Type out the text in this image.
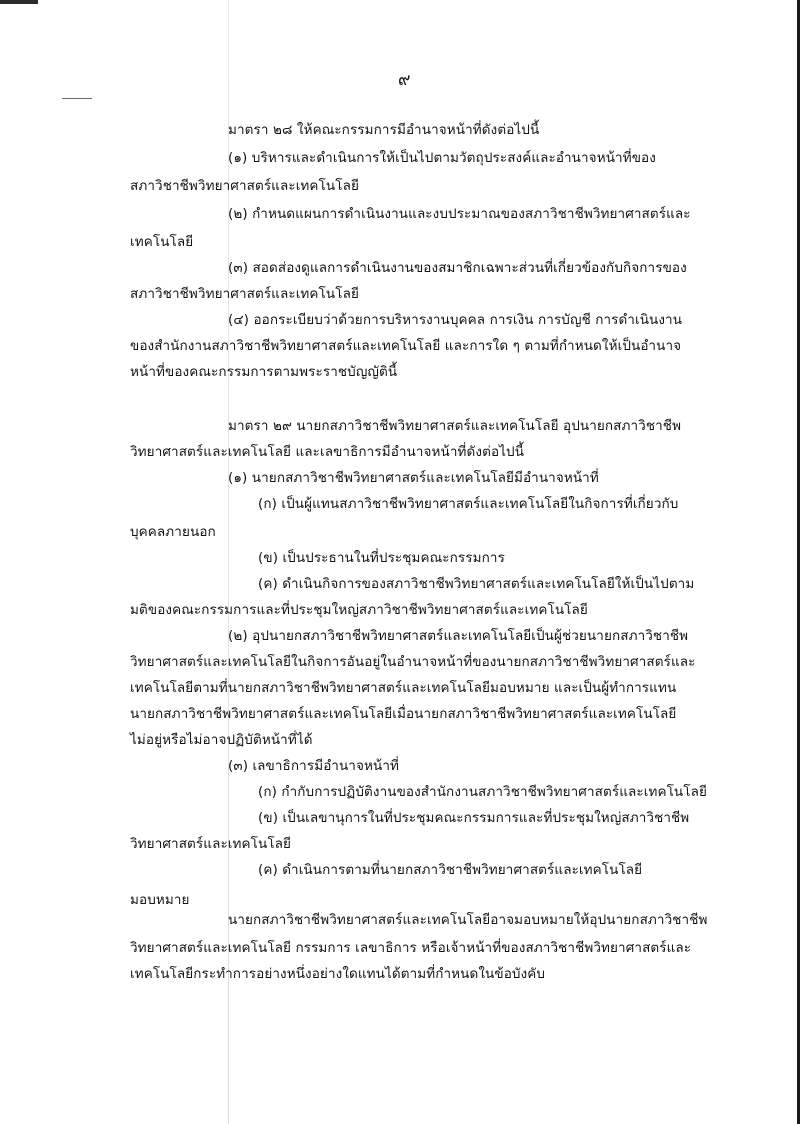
๙
มาตรา ๒๘ ให้คณะกรรมการมีอำนาจหน้าที่ดังต่อไปนี้
(๑) บริหารและดำเนินการให้เป็นไปตามวัตถุประสงค์และอำนาจหน้าที่ของ
สภาวิชาชีพวิทยาศาสตร์และเทคโนโลยี
(๒) กำหนดแผนการดำเนินงานและงบประมาณของสภาวิชาชีพวิทยาศาสตร์และ
เทคโนโลยี
(๓) สอดส่องดูแลการดำเนินงานของสมาชิกเฉพาะส่วนที่เกี่ยวข้องกับกิจการของ
สภาวิชาชีพวิทยาศาสตร์และเทคโนโลยี
(๔) ออกระเบียบว่าด้วยการบริหารงานบุคคล การเงิน การบัญชี การดำเนินงาน
ของสำนักงานสภาวิชาชีพวิทยาศาสตร์และเทคโนโลยี และการใด ๆ ตามที่กำหนดให้เป็นอำนาจ
หน้าที่ของคณะกรรมการตามพระราชบัญญัตินี้
มาตรา ๒๙ นายกสภาวิชาชีพวิทยาศาสตร์และเทคโนโลยี อุปนายกสภาวิชาชีพ
วิทยาศาสตร์และเทคโนโลยี และเลขาธิการมีอำนาจหน้าที่ดังต่อไปนี้
(๑) นายกสภาวิชาชีพวิทยาศาสตร์และเทคโนโลยีมีอำนาจหน้าที่
(ก) เป็นผู้แทนสภาวิชาชีพวิทยาศาสตร์และเทคโนโลยีในกิจการที่เกี่ยวกับ
บุคคลภายนอก
(ข) เป็นประธานในที่ประชุมคณะกรรมการ
(ค) ดำเนินกิจการของสภาวิชาชีพวิทยาศาสตร์และเทคโนโลยีให้เป็นไปตาม
มติของคณะกรรมการและที่ประชุมใหญ่สภาวิชาชีพวิทยาศาสตร์และเทคโนโลยี
(๒) อุปนายกสภาวิชาชีพวิทยาศาสตร์และเทคโนโลยีเป็นผู้ช่วยนายกสภาวิชาชีพ
วิทยาศาสตร์และเทคโนโลยีในกิจการอันอยู่ในอำนาจหน้าที่ของนายกสภาวิชาชีพวิทยาศาสตร์และ
เทคโนโลยีตามที่นายกสภาวิชาชีพวิทยาศาสตร์และเทคโนโลยีมอบหมาย และเป็นผู้ทำการแทน
นายกสภาวิชาชีพวิทยาศาสตร์และเทคโนโลยีเมื่อนายกสภาวิชาชีพวิทยาศาสตร์และเทคโนโลยี
ไม่อยู่หรือไม่อาจปฏิบัติหน้าที่ได้
(๓) เลขาธิการมีอำนาจหน้าที่
(ก) กำกับการปฏิบัติงานของสำนักงานสภาวิชาชีพวิทยาศาสตร์และเทคโนโลยี
(ข) เป็นเลขานุการในที่ประชุมคณะกรรมการและที่ประชุมใหญ่สภาวิชาชีพ
วิทยาศาสตร์และเทคโนโลยี
(ค) ดำเนินการตามที่นายกสภาวิชาชีพวิทยาศาสตร์และเทคโนโลยี
มอบหมาย
นายกสภาวิชาชีพวิทยาศาสตร์และเทคโนโลยีอาจมอบหมายให้อุปนายกสภาวิชาชีพ
วิทยาศาสตร์และเทคโนโลยี กรรมการ เลขาธิการ หรือเจ้าหน้าที่ของสภาวิชาชีพวิทยาศาสตร์และ
เทคโนโลยีกระทำการอย่างหนึ่งอย่างใดแทนได้ตามที่กำหนดในข้อบังคับ
